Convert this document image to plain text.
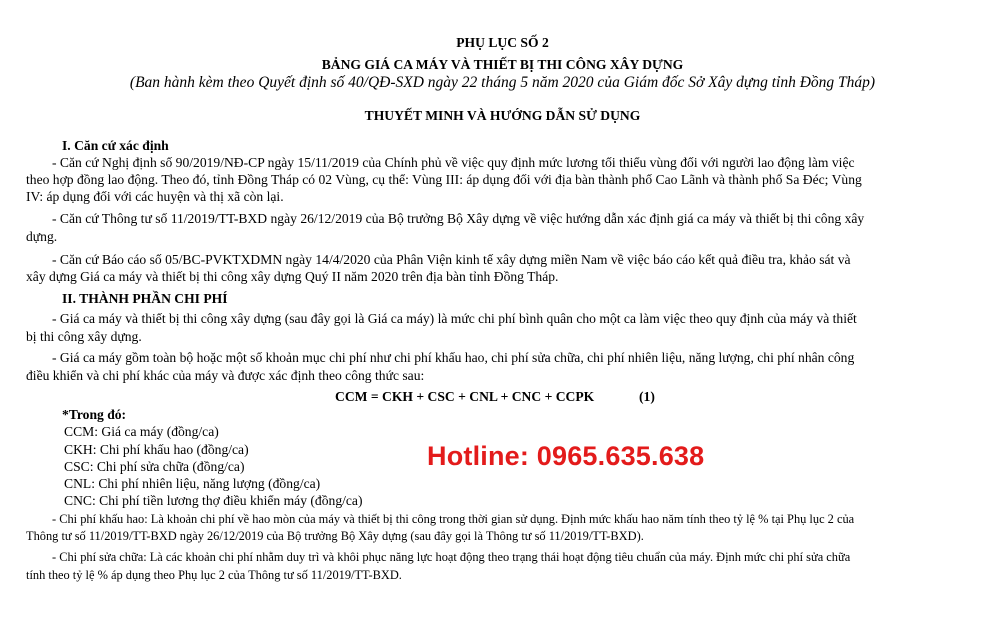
PHỤ LỤC SỐ 2
BẢNG GIÁ CA MÁY VÀ THIẾT BỊ THI CÔNG XÂY DỰNG
(Ban hành kèm theo Quyết định số 40/QĐ-SXD ngày 22 tháng 5 năm 2020 của Giám đốc Sở Xây dựng tỉnh Đồng Tháp)
THUYẾT MINH VÀ HƯỚNG DẪN SỬ DỤNG
I. Căn cứ xác định
- Căn cứ Nghị định số 90/2019/NĐ-CP ngày 15/11/2019 của Chính phủ về việc quy định mức lương tối thiểu vùng đối với người lao động làm việc
theo hợp đồng lao động. Theo đó, tỉnh Đồng Tháp có 02 Vùng, cụ thể: Vùng III: áp dụng đối với địa bàn thành phố Cao Lãnh và thành phố Sa Đéc; Vùng
IV: áp dụng đối với các huyện và thị xã còn lại.
- Căn cứ Thông tư số 11/2019/TT-BXD ngày 26/12/2019 của Bộ trưởng Bộ Xây dựng về việc hướng dẫn xác định giá ca máy và thiết bị thi công xây
dựng.
- Căn cứ Báo cáo số 05/BC-PVKTXDMN ngày 14/4/2020 của Phân Viện kinh tế xây dựng miền Nam về việc báo cáo kết quả điều tra, khảo sát và
xây dựng Giá ca máy và thiết bị thi công xây dựng Quý II năm 2020 trên địa bàn tỉnh Đồng Tháp.
II. THÀNH PHẦN CHI PHÍ
- Giá ca máy và thiết bị thi công xây dựng (sau đây gọi là Giá ca máy) là mức chi phí bình quân cho một ca làm việc theo quy định của máy và thiết
bị thi công xây dựng.
- Giá ca máy gồm toàn bộ hoặc một số khoản mục chi phí như chi phí khấu hao, chi phí sửa chữa, chi phí nhiên liệu, năng lượng, chi phí nhân công
điều khiển và chi phí khác của máy và được xác định theo công thức sau:
CCM = CKH + CSC + CNL + CNC + CCPK	(1)
*Trong đó:
CCM: Giá ca máy (đồng/ca)
CKH: Chi phí khấu hao (đồng/ca)
CSC: Chi phí sửa chữa (đồng/ca)
CNL: Chi phí nhiên liệu, năng lượng (đồng/ca)
CNC: Chi phí tiền lương thợ điều khiển máy (đồng/ca)
- Chi phí khấu hao: Là khoản chi phí về hao mòn của máy và thiết bị thi công trong thời gian sử dụng. Định mức khấu hao năm tính theo tỷ lệ % tại Phụ lục 2 của
Thông tư số 11/2019/TT-BXD ngày 26/12/2019 của Bộ trưởng Bộ Xây dựng (sau đây gọi là Thông tư số 11/2019/TT-BXD).
- Chi phí sửa chữa: Là các khoản chi phí nhằm duy trì và khôi phục năng lực hoạt động theo trạng thái hoạt động tiêu chuẩn của máy. Định mức chi phí sửa chữa
tính theo tỷ lệ % áp dụng theo Phụ lục 2 của Thông tư số 11/2019/TT-BXD.
Hotline: 0965.635.638
